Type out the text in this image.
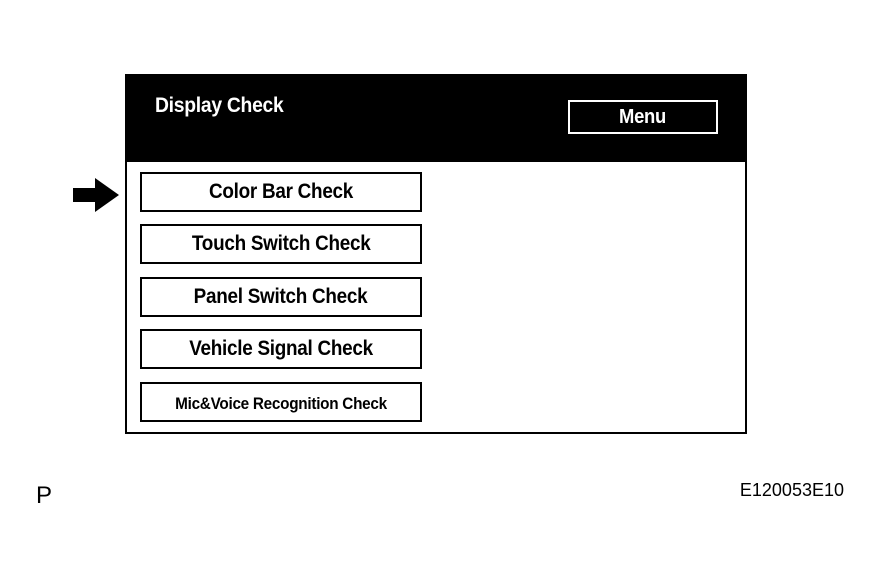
Display Check	Menu
Color Bar Check
Touch Switch Check
Panel Switch Check
Vehicle Signal Check
Mic&Voice Recognition Check
P	E120053E10
